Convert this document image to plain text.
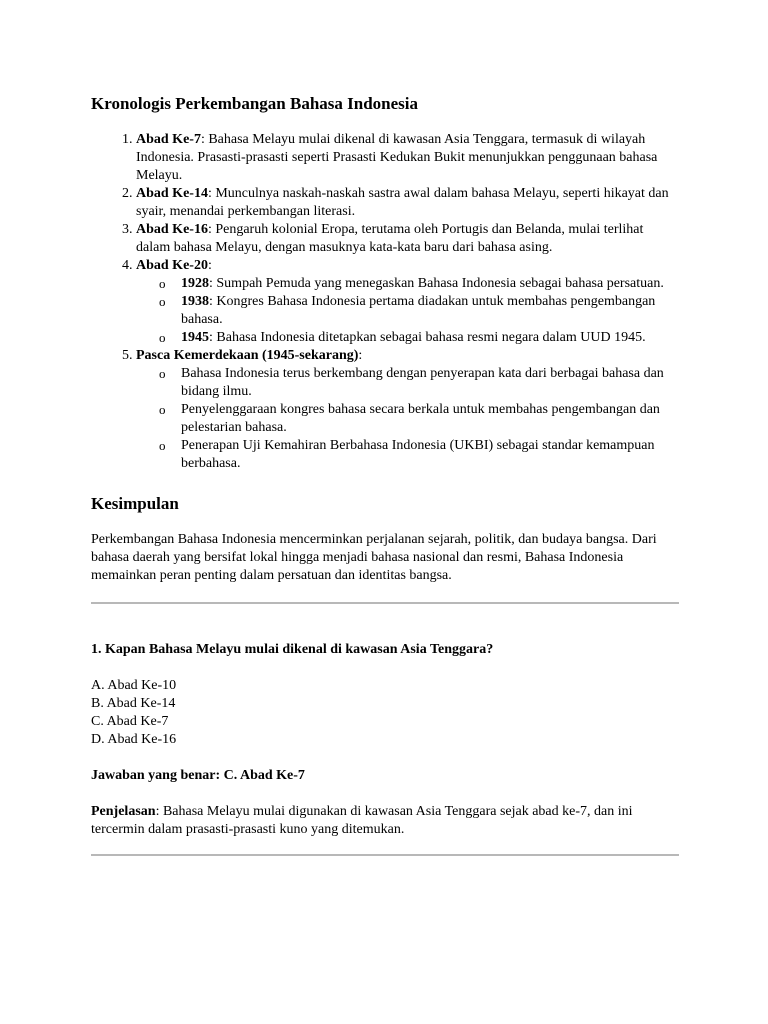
Kronologis Perkembangan Bahasa Indonesia
1. Abad Ke-7: Bahasa Melayu mulai dikenal di kawasan Asia Tenggara, termasuk di wilayah Indonesia. Prasasti-prasasti seperti Prasasti Kedukan Bukit menunjukkan penggunaan bahasa Melayu.
2. Abad Ke-14: Munculnya naskah-naskah sastra awal dalam bahasa Melayu, seperti hikayat dan syair, menandai perkembangan literasi.
3. Abad Ke-16: Pengaruh kolonial Eropa, terutama oleh Portugis dan Belanda, mulai terlihat dalam bahasa Melayu, dengan masuknya kata-kata baru dari bahasa asing.
4. Abad Ke-20:
o 1928: Sumpah Pemuda yang menegaskan Bahasa Indonesia sebagai bahasa persatuan.
o 1938: Kongres Bahasa Indonesia pertama diadakan untuk membahas pengembangan bahasa.
o 1945: Bahasa Indonesia ditetapkan sebagai bahasa resmi negara dalam UUD 1945.
5. Pasca Kemerdekaan (1945-sekarang):
o Bahasa Indonesia terus berkembang dengan penyerapan kata dari berbagai bahasa dan bidang ilmu.
o Penyelenggaraan kongres bahasa secara berkala untuk membahas pengembangan dan pelestarian bahasa.
o Penerapan Uji Kemahiran Berbahasa Indonesia (UKBI) sebagai standar kemampuan berbahasa.
Kesimpulan

Perkembangan Bahasa Indonesia mencerminkan perjalanan sejarah, politik, dan budaya bangsa. Dari bahasa daerah yang bersifat lokal hingga menjadi bahasa nasional dan resmi, Bahasa Indonesia memainkan peran penting dalam persatuan dan identitas bangsa.

1. Kapan Bahasa Melayu mulai dikenal di kawasan Asia Tenggara?

A. Abad Ke-10
B. Abad Ke-14
C. Abad Ke-7
D. Abad Ke-16

Jawaban yang benar: C. Abad Ke-7

Penjelasan: Bahasa Melayu mulai digunakan di kawasan Asia Tenggara sejak abad ke-7, dan ini tercermin dalam prasasti-prasasti kuno yang ditemukan.
